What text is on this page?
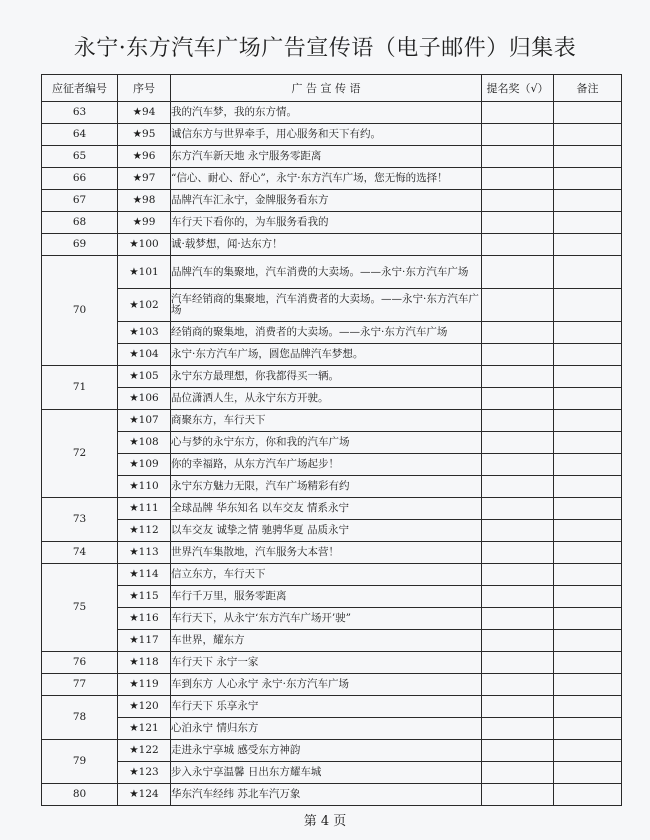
永宁·东方汽车广场广告宣传语（电子邮件）归集表
应征者编号	序号	广 告 宣 传 语	提名奖（√）	备注
63	★94	我的汽车梦，我的东方情。		
64	★95	诚信东方与世界牵手，用心服务和天下有约。		
65	★96	东方汽车新天地 永宁服务零距离		
66	★97	“信心、耐心、舒心”，永宁·东方汽车广场，您无悔的选择！		
67	★98	品牌汽车汇永宁，金牌服务看东方		
68	★99	车行天下看你的，为车服务看我的		
69	★100	诚·载梦想，闻·达东方！		
70	★101	品牌汽车的集聚地，汽车消费的大卖场。——永宁·东方汽车广场		
	★102	汽车经销商的集聚地，汽车消费者的大卖场。——永宁·东方汽车广场		
	★103	经销商的聚集地，消费者的大卖场。——永宁·东方汽车广场		
	★104	永宁·东方汽车广场，圆您品牌汽车梦想。		
71	★105	永宁东方最理想，你我都得买一辆。		
	★106	品位潇洒人生，从永宁东方开驶。		
72	★107	商聚东方，车行天下		
	★108	心与梦的永宁东方，你和我的汽车广场		
	★109	你的幸福路，从东方汽车广场起步！		
	★110	永宁东方魅力无限，汽车广场精彩有约		
73	★111	全球品牌 华东知名 以车交友 情系永宁		
	★112	以车交友 诚挚之情 驰骋华夏 品质永宁		
74	★113	世界汽车集散地，汽车服务大本营！		
75	★114	信立东方，车行天下		
	★115	车行千万里，服务零距离		
	★116	车行天下，从永宁‘东方汽车广场开’驶”		
	★117	车世界，耀东方		
76	★118	车行天下 永宁一家		
77	★119	车到东方 人心永宁 永宁·东方汽车广场		
78	★120	车行天下 乐享永宁		
	★121	心泊永宁 情归东方		
79	★122	走进永宁享城 感受东方神韵		
	★123	步入永宁享温馨 日出东方耀车城		
80	★124	华东汽车经纬 苏北车汽万象		
第 4 页
